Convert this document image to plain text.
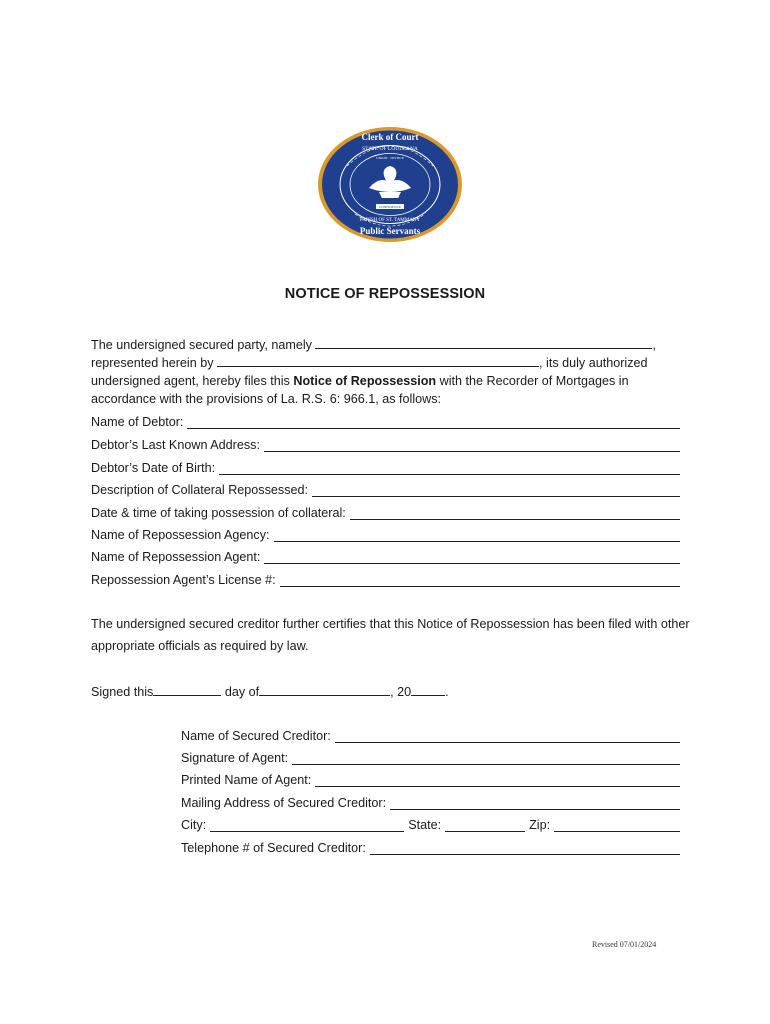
Clerk of Court
STATE OF LOUISIANA
UNION · JUSTICE
CONFIDENCE
PARISH OF ST. TAMMANY
Public Servants
NOTICE OF REPOSSESSION
The undersigned secured party, namely	,
represented herein by	, its duly authorized
undersigned agent, hereby files this Notice of Repossession with the Recorder of Mortgages in
accordance with the provisions of La. R.S. 6: 966.1, as follows:
Name of Debtor:
Debtor’s Last Known Address:
Debtor’s Date of Birth:
Description of Collateral Repossessed:
Date & time of taking possession of collateral:
Name of Repossession Agency:
Name of Repossession Agent:
Repossession Agent’s License #:
The undersigned secured creditor further certifies that this Notice of Repossession has been filed with other appropriate officials as required by law.
Signed this	day of	, 20	.
Name of Secured Creditor:
Signature of Agent:
Printed Name of Agent:
Mailing Address of Secured Creditor:
City:	State:	Zip:
Telephone # of Secured Creditor:
Revised 07/01/2024
